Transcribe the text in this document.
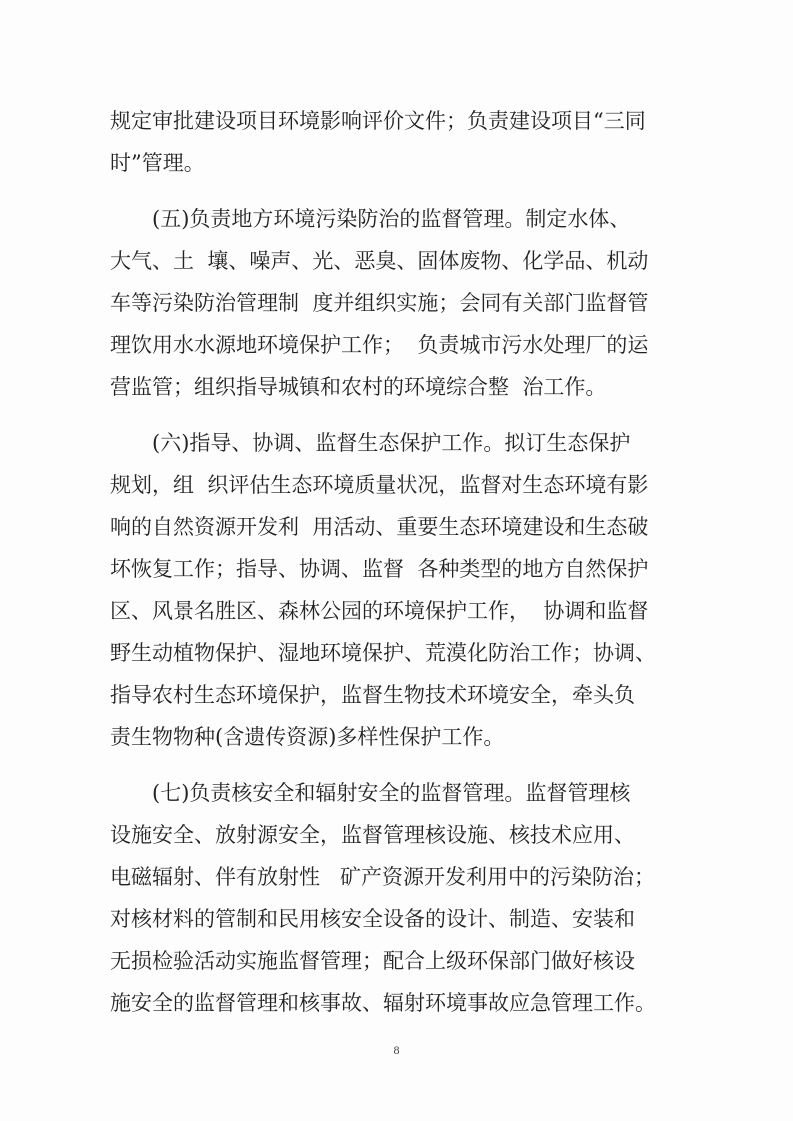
规定审批建设项目环境影响评价文件；负责建设项目“三同
时”管理。
　　(五)负责地方环境污染防治的监督管理。制定水体、
大气、土  壤、噪声、光、恶臭、固体废物、化学品、机动
车等污染防治管理制  度并组织实施；会同有关部门监督管
理饮用水水源地环境保护工作；  负责城市污水处理厂的运
营监管；组织指导城镇和农村的环境综合整  治工作。
　　(六)指导、协调、监督生态保护工作。拟订生态保护
规划，组  织评估生态环境质量状况，监督对生态环境有影
响的自然资源开发利  用活动、重要生态环境建设和生态破
坏恢复工作；指导、协调、监督  各种类型的地方自然保护
区、风景名胜区、森林公园的环境保护工作，  协调和监督
野生动植物保护、湿地环境保护、荒漠化防治工作；协调、
指导农村生态环境保护，监督生物技术环境安全，牵头负
责生物物种(含遗传资源)多样性保护工作。
　　(七)负责核安全和辐射安全的监督管理。监督管理核
设施安全、放射源安全，监督管理核设施、核技术应用、
电磁辐射、伴有放射性   矿产资源开发利用中的污染防治；
对核材料的管制和民用核安全设备的设计、制造、安装和
无损检验活动实施监督管理；配合上级环保部门做好核设
施安全的监督管理和核事故、辐射环境事故应急管理工作。
8
